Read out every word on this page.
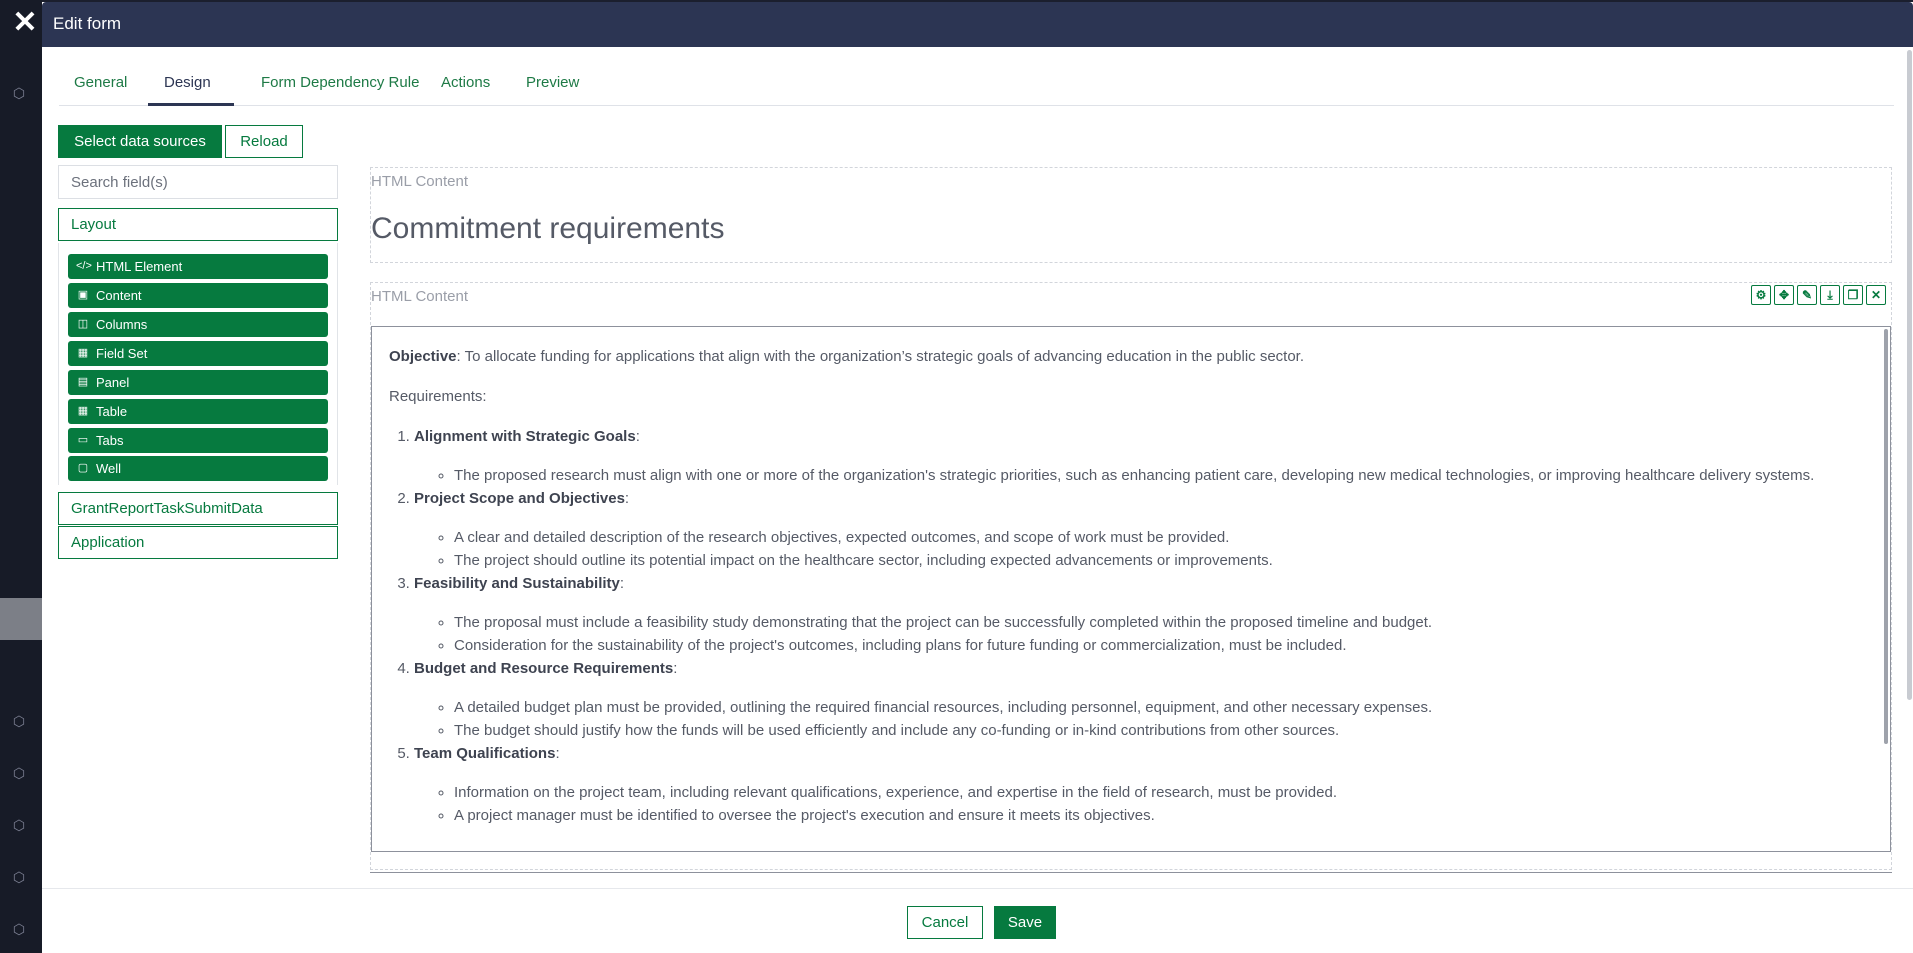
⬡
⬡
⬡
⬡
⬡
⬡
✕ Edit form
General Design	Form Dependency Rule Actions Preview
Select data sources	Reload
Search field(s)
Layout
</> HTML Element
▣ Content
◫ Columns
▦ Field Set
▤ Panel
▦ Table
▭ Tabs
▢ Well
GrantReportTaskSubmitData
Application
HTML Content
Commitment requirements
HTML Content	⚙	✥	✎	⤓	❐	✕

Objective: To allocate funding for applications that align with the organization’s strategic goals of advancing education in the public sector.

Requirements:

1. Alignment with Strategic Goals:
◦ The proposed research must align with one or more of the organization's strategic priorities, such as enhancing patient care, developing new medical technologies, or improving healthcare delivery systems.
2. Project Scope and Objectives:
◦ A clear and detailed description of the research objectives, expected outcomes, and scope of work must be provided.
◦ The project should outline its potential impact on the healthcare sector, including expected advancements or improvements.
3. Feasibility and Sustainability:
◦ The proposal must include a feasibility study demonstrating that the project can be successfully completed within the proposed timeline and budget.
◦ Consideration for the sustainability of the project's outcomes, including plans for future funding or commercialization, must be included.
4. Budget and Resource Requirements:
◦ A detailed budget plan must be provided, outlining the required financial resources, including personnel, equipment, and other necessary expenses.
◦ The budget should justify how the funds will be used efficiently and include any co-funding or in-kind contributions from other sources.
5. Team Qualifications:
◦ Information on the project team, including relevant qualifications, experience, and expertise in the field of research, must be provided.
◦ A project manager must be identified to oversee the project's execution and ensure it meets its objectives.
Cancel	Save
